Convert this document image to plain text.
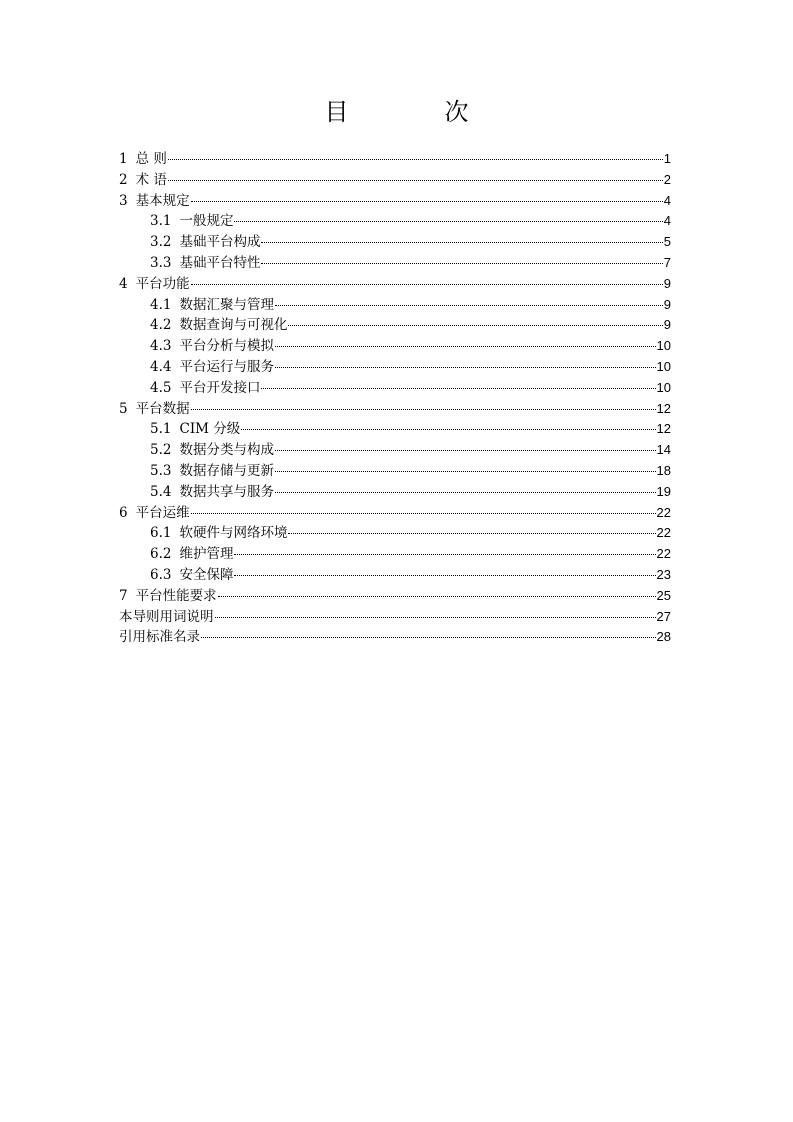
目　次
1 总 则	1
2 术 语	2
3 基本规定	4
3.1 一般规定	4
3.2 基础平台构成	5
3.3 基础平台特性	7
4 平台功能	9
4.1 数据汇聚与管理	9
4.2 数据查询与可视化	9
4.3 平台分析与模拟	10
4.4 平台运行与服务	10
4.5 平台开发接口	10
5 平台数据	12
5.1 CIM 分级	12
5.2 数据分类与构成	14
5.3 数据存储与更新	18
5.4 数据共享与服务	19
6 平台运维	22
6.1 软硬件与网络环境	22
6.2 维护管理	22
6.3 安全保障	23
7 平台性能要求	25
本导则用词说明	27
引用标准名录	28
